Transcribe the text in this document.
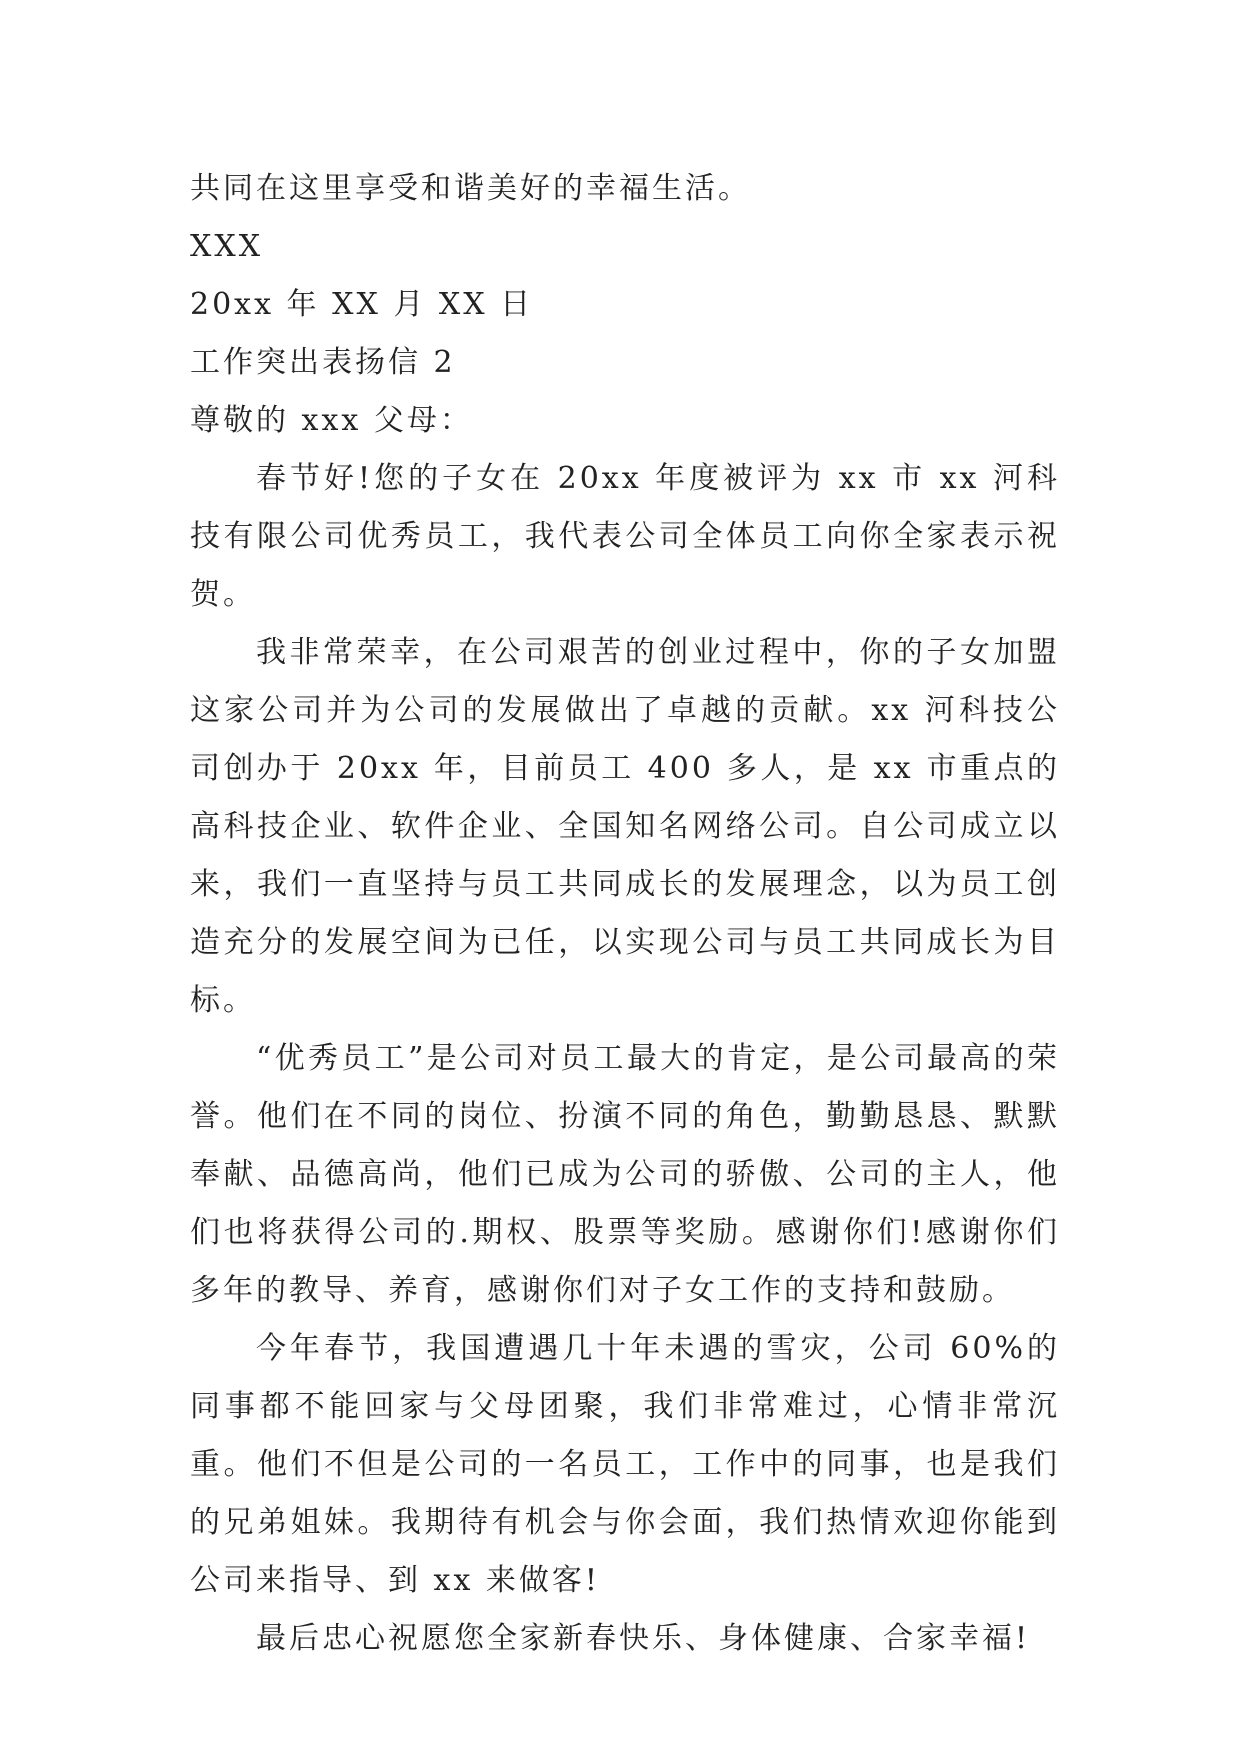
共同在这里享受和谐美好的幸福生活。

XXX

20xx 年 XX 月 XX 日

工作突出表扬信 2

尊敬的 xxx 父母：

春节好!您的子女在 20xx 年度被评为 xx 市 xx 河科技有限公司优秀员工，我代表公司全体员工向你全家表示祝贺。

我非常荣幸，在公司艰苦的创业过程中，你的子女加盟这家公司并为公司的发展做出了卓越的贡献。xx 河科技公司创办于 20xx 年，目前员工 400 多人，是 xx 市重点的高科技企业、软件企业、全国知名网络公司。自公司成立以来，我们一直坚持与员工共同成长的发展理念，以为员工创造充分的发展空间为已任，以实现公司与员工共同成长为目标。

“优秀员工”是公司对员工最大的肯定，是公司最高的荣誉。他们在不同的岗位、扮演不同的角色，勤勤恳恳、默默奉献、品德高尚，他们已成为公司的骄傲、公司的主人，他们也将获得公司的.期权、股票等奖励。感谢你们!感谢你们多年的教导、养育，感谢你们对子女工作的支持和鼓励。

今年春节，我国遭遇几十年未遇的雪灾，公司 60%的同事都不能回家与父母团聚，我们非常难过，心情非常沉重。他们不但是公司的一名员工，工作中的同事，也是我们的兄弟姐妹。我期待有机会与你会面，我们热情欢迎你能到公司来指导、到 xx 来做客!

最后忠心祝愿您全家新春快乐、身体健康、合家幸福!
